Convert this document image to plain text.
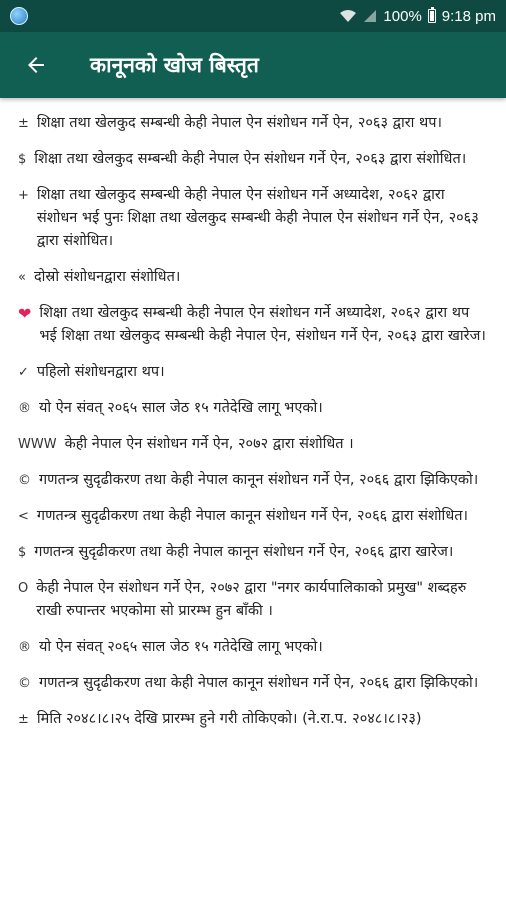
100% 9:18 pm
कानूनको खोज बिस्तृत
± शिक्षा तथा खेलकुद सम्बन्धी केही नेपाल ऐन संशोधन गर्ने ऐन, २०६३ द्वारा थप।
$ शिक्षा तथा खेलकुद सम्बन्धी केही नेपाल ऐन संशोधन गर्ने ऐन, २०६३ द्वारा संशोधित।
+ शिक्षा तथा खेलकुद सम्बन्धी केही नेपाल ऐन संशोधन गर्ने अध्यादेश, २०६२ द्वारा संशोधन भई पुनः शिक्षा तथा खेलकुद सम्बन्धी केही नेपाल ऐन संशोधन गर्ने ऐन, २०६३ द्वारा संशोधित।
« दोस्रो संशोधनद्वारा संशोधित।
❤ शिक्षा तथा खेलकुद सम्बन्धी केही नेपाल ऐन संशोधन गर्ने अध्यादेश, २०६२ द्वारा थप भई शिक्षा तथा खेलकुद सम्बन्धी केही नेपाल ऐन, संशोधन गर्ने ऐन, २०६३ द्वारा खारेज।
✓ पहिलो संशोधनद्वारा थप।
® यो ऐन संवत् २०६५ साल जेठ १५ गतेदेखि लागू भएको।
WWW केही नेपाल ऐन संशोधन गर्ने ऐन, २०७२ द्वारा संशोधित ।
© गणतन्त्र सुदृढीकरण तथा केही नेपाल कानून संशोधन गर्ने ऐन, २०६६ द्वारा झिकिएको।
< गणतन्त्र सुदृढीकरण तथा केही नेपाल कानून संशोधन गर्ने ऐन, २०६६ द्वारा संशोधित।
$ गणतन्त्र सुदृढीकरण तथा केही नेपाल कानून संशोधन गर्ने ऐन, २०६६ द्वारा खारेज।
O केही नेपाल ऐन संशोधन गर्ने ऐन, २०७२ द्वारा "नगर कार्यपालिकाको प्रमुख" शब्दहरु राखी रुपान्तर भएकोमा सो प्रारम्भ हुन बाँकी ।
® यो ऐन संवत् २०६५ साल जेठ १५ गतेदेखि लागू भएको।
© गणतन्त्र सुदृढीकरण तथा केही नेपाल कानून संशोधन गर्ने ऐन, २०६६ द्वारा झिकिएको।
± मिति २०४८।८।२५ देखि प्रारम्भ हुने गरी तोकिएको। (ने.रा.प. २०४८।८।२३)
